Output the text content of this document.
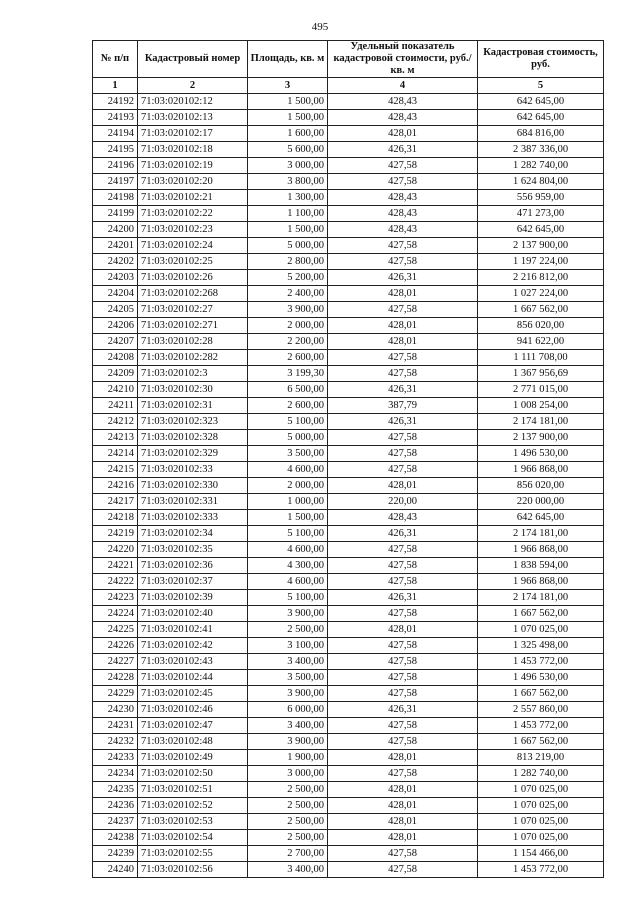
495
№ п/п	Кадастровый номер	Площадь, кв. м	Удельный показатель кадастровой стоимости, руб./кв. м	Кадастровая стоимость, руб.
1	2	3	4	5
24192	71:03:020102:12	1 500,00	428,43	642 645,00
24193	71:03:020102:13	1 500,00	428,43	642 645,00
24194	71:03:020102:17	1 600,00	428,01	684 816,00
24195	71:03:020102:18	5 600,00	426,31	2 387 336,00
24196	71:03:020102:19	3 000,00	427,58	1 282 740,00
24197	71:03:020102:20	3 800,00	427,58	1 624 804,00
24198	71:03:020102:21	1 300,00	428,43	556 959,00
24199	71:03:020102:22	1 100,00	428,43	471 273,00
24200	71:03:020102:23	1 500,00	428,43	642 645,00
24201	71:03:020102:24	5 000,00	427,58	2 137 900,00
24202	71:03:020102:25	2 800,00	427,58	1 197 224,00
24203	71:03:020102:26	5 200,00	426,31	2 216 812,00
24204	71:03:020102:268	2 400,00	428,01	1 027 224,00
24205	71:03:020102:27	3 900,00	427,58	1 667 562,00
24206	71:03:020102:271	2 000,00	428,01	856 020,00
24207	71:03:020102:28	2 200,00	428,01	941 622,00
24208	71:03:020102:282	2 600,00	427,58	1 111 708,00
24209	71:03:020102:3	3 199,30	427,58	1 367 956,69
24210	71:03:020102:30	6 500,00	426,31	2 771 015,00
24211	71:03:020102:31	2 600,00	387,79	1 008 254,00
24212	71:03:020102:323	5 100,00	426,31	2 174 181,00
24213	71:03:020102:328	5 000,00	427,58	2 137 900,00
24214	71:03:020102:329	3 500,00	427,58	1 496 530,00
24215	71:03:020102:33	4 600,00	427,58	1 966 868,00
24216	71:03:020102:330	2 000,00	428,01	856 020,00
24217	71:03:020102:331	1 000,00	220,00	220 000,00
24218	71:03:020102:333	1 500,00	428,43	642 645,00
24219	71:03:020102:34	5 100,00	426,31	2 174 181,00
24220	71:03:020102:35	4 600,00	427,58	1 966 868,00
24221	71:03:020102:36	4 300,00	427,58	1 838 594,00
24222	71:03:020102:37	4 600,00	427,58	1 966 868,00
24223	71:03:020102:39	5 100,00	426,31	2 174 181,00
24224	71:03:020102:40	3 900,00	427,58	1 667 562,00
24225	71:03:020102:41	2 500,00	428,01	1 070 025,00
24226	71:03:020102:42	3 100,00	427,58	1 325 498,00
24227	71:03:020102:43	3 400,00	427,58	1 453 772,00
24228	71:03:020102:44	3 500,00	427,58	1 496 530,00
24229	71:03:020102:45	3 900,00	427,58	1 667 562,00
24230	71:03:020102:46	6 000,00	426,31	2 557 860,00
24231	71:03:020102:47	3 400,00	427,58	1 453 772,00
24232	71:03:020102:48	3 900,00	427,58	1 667 562,00
24233	71:03:020102:49	1 900,00	428,01	813 219,00
24234	71:03:020102:50	3 000,00	427,58	1 282 740,00
24235	71:03:020102:51	2 500,00	428,01	1 070 025,00
24236	71:03:020102:52	2 500,00	428,01	1 070 025,00
24237	71:03:020102:53	2 500,00	428,01	1 070 025,00
24238	71:03:020102:54	2 500,00	428,01	1 070 025,00
24239	71:03:020102:55	2 700,00	427,58	1 154 466,00
24240	71:03:020102:56	3 400,00	427,58	1 453 772,00
